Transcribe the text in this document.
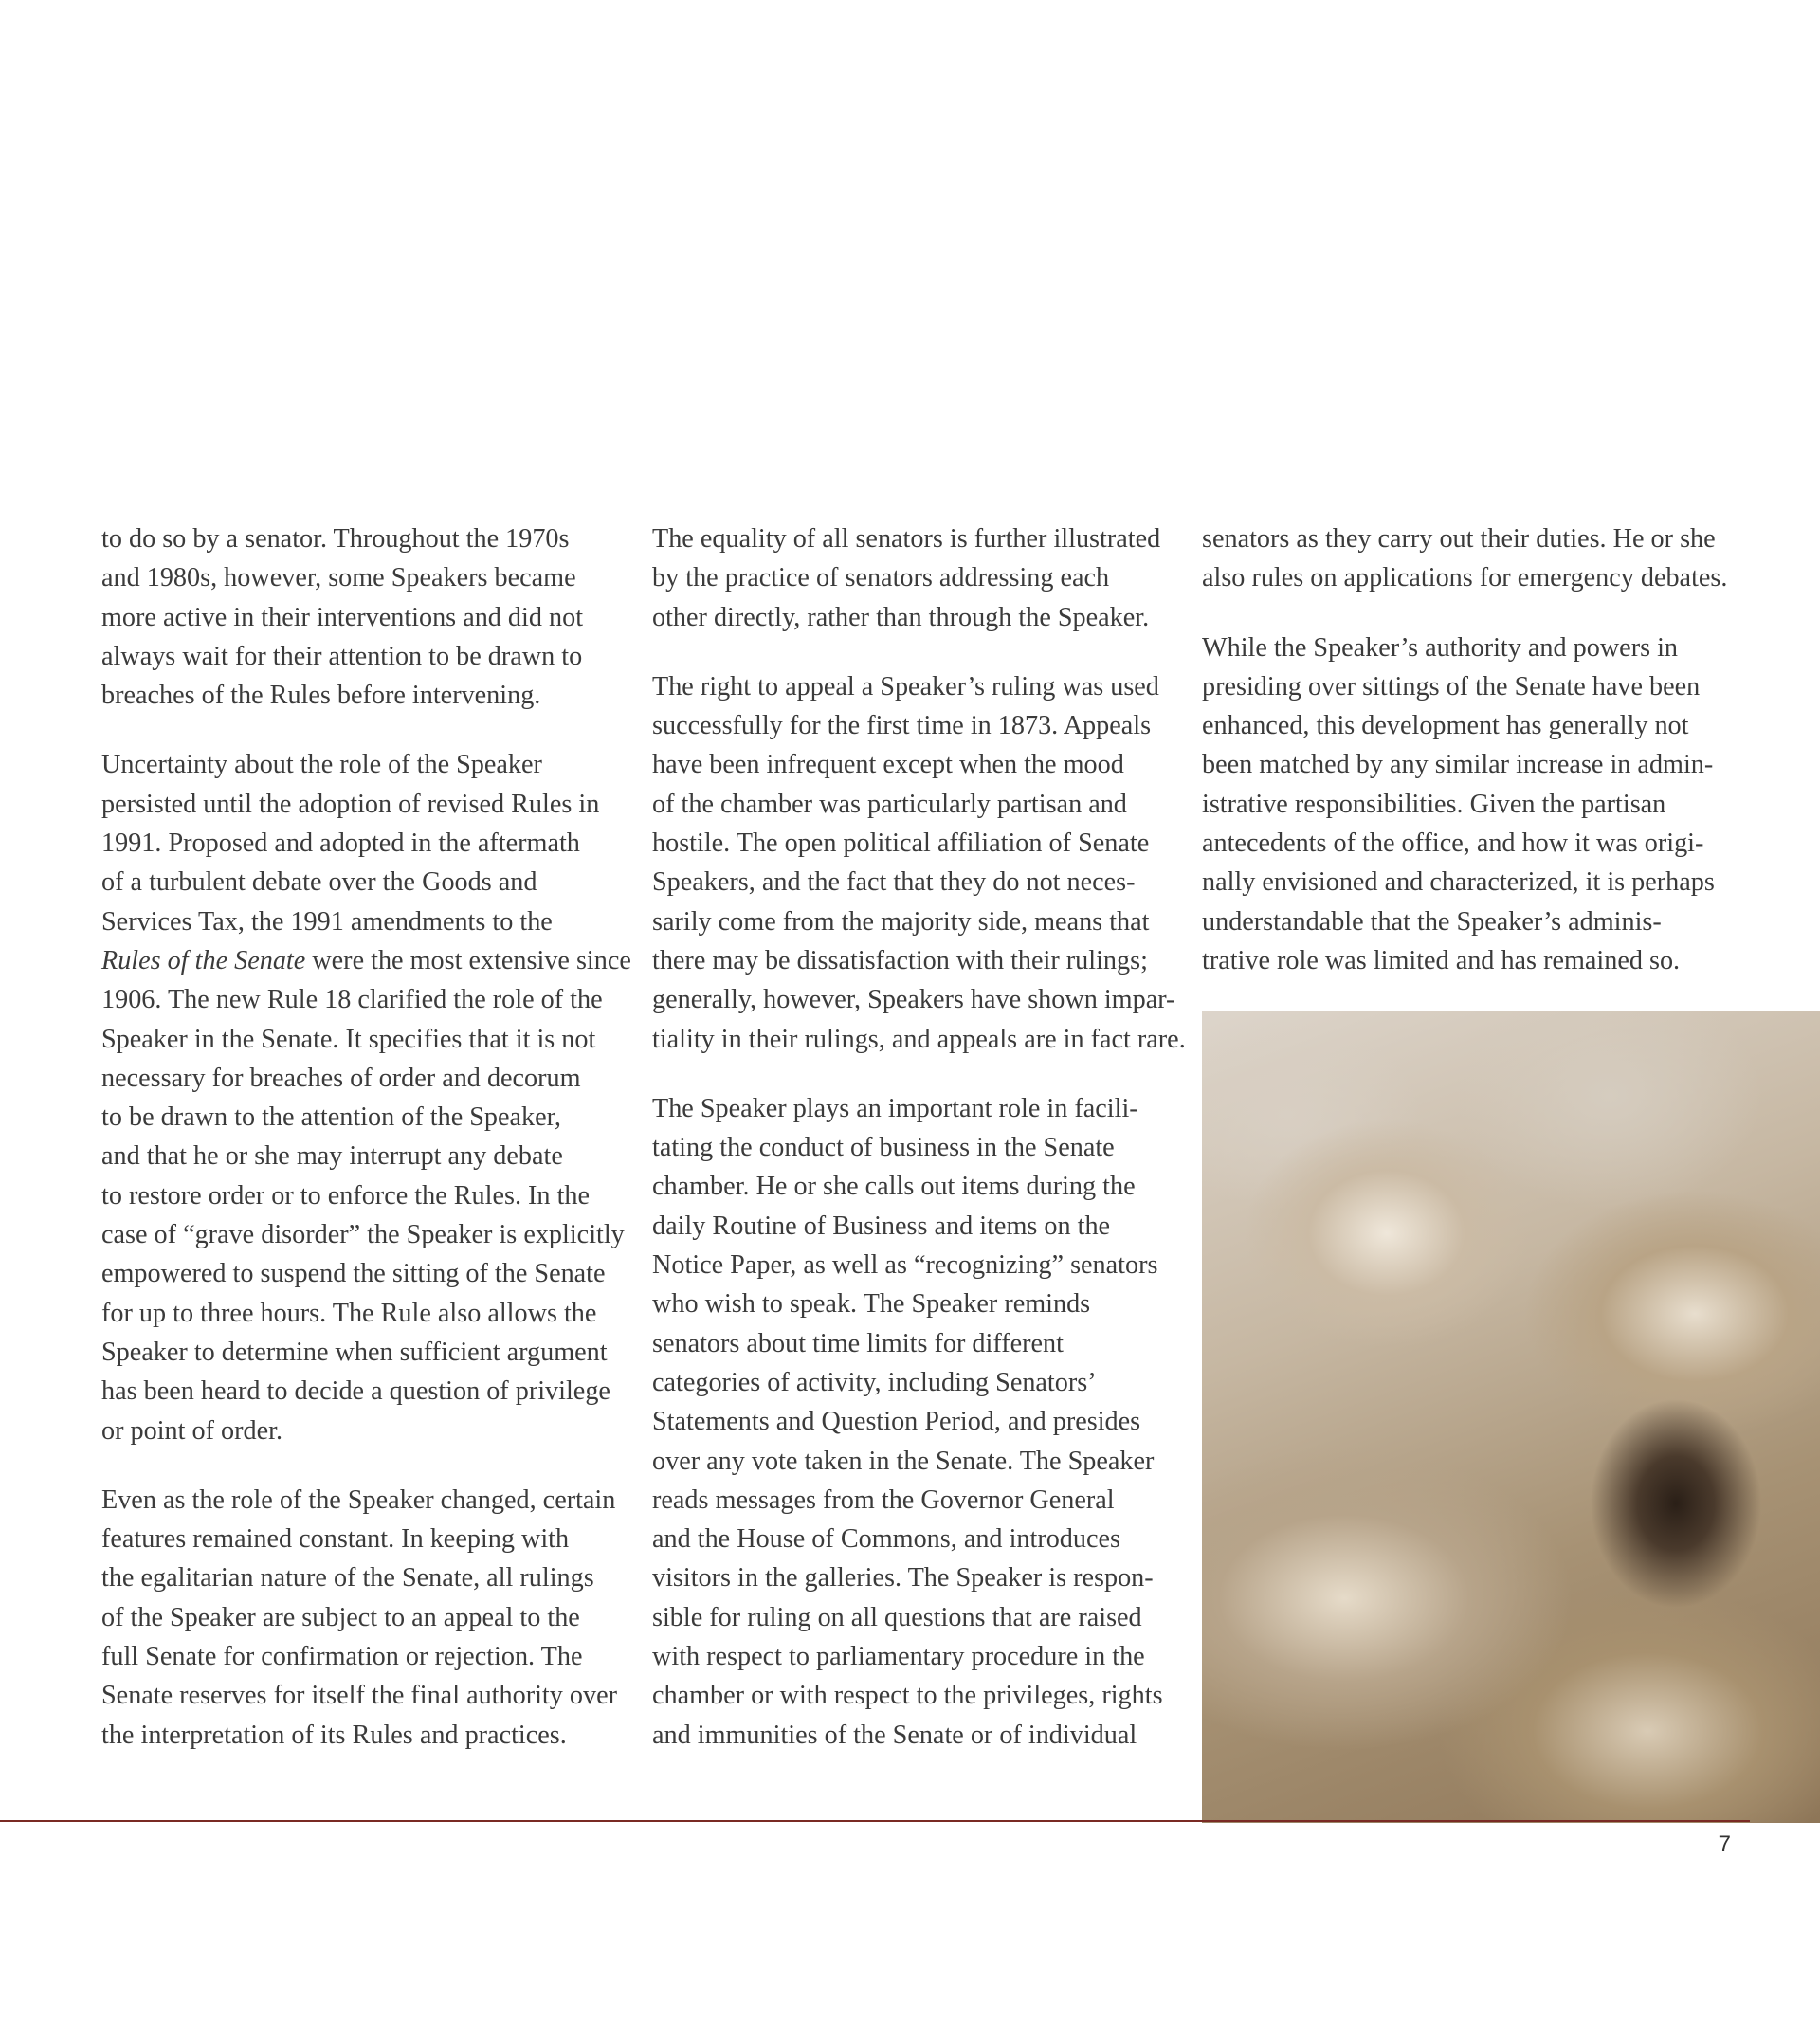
to do so by a senator. Throughout the 1970s
and 1980s, however, some Speakers became
more active in their interventions and did not
always wait for their attention to be drawn to
breaches of the Rules before intervening.

Uncertainty about the role of the Speaker
persisted until the adoption of revised Rules in
1991. Proposed and adopted in the aftermath
of a turbulent debate over the Goods and
Services Tax, the 1991 amendments to the
Rules of the Senate were the most extensive since
1906. The new Rule 18 clarified the role of the
Speaker in the Senate. It specifies that it is not
necessary for breaches of order and decorum
to be drawn to the attention of the Speaker,
and that he or she may interrupt any debate
to restore order or to enforce the Rules. In the
case of “grave disorder” the Speaker is explicitly
empowered to suspend the sitting of the Senate
for up to three hours. The Rule also allows the
Speaker to determine when sufficient argument
has been heard to decide a question of privilege
or point of order.

Even as the role of the Speaker changed, certain
features remained constant. In keeping with
the egalitarian nature of the Senate, all rulings
of the Speaker are subject to an appeal to the
full Senate for confirmation or rejection. The
Senate reserves for itself the final authority over
the interpretation of its Rules and practices.

The equality of all senators is further illustrated
by the practice of senators addressing each
other directly, rather than through the Speaker.

The right to appeal a Speaker’s ruling was used
successfully for the first time in 1873. Appeals
have been infrequent except when the mood
of the chamber was particularly partisan and
hostile. The open political affiliation of Senate
Speakers, and the fact that they do not neces-
sarily come from the majority side, means that
there may be dissatisfaction with their rulings;
generally, however, Speakers have shown impar-
tiality in their rulings, and appeals are in fact rare.

The Speaker plays an important role in facili-
tating the conduct of business in the Senate
chamber. He or she calls out items during the
daily Routine of Business and items on the
Notice Paper, as well as “recognizing” senators
who wish to speak. The Speaker reminds
senators about time limits for different
categories of activity, including Senators’
Statements and Question Period, and presides
over any vote taken in the Senate. The Speaker
reads messages from the Governor General
and the House of Commons, and introduces
visitors in the galleries. The Speaker is respon-
sible for ruling on all questions that are raised
with respect to parliamentary procedure in the
chamber or with respect to the privileges, rights
and immunities of the Senate or of individual

senators as they carry out their duties. He or she
also rules on applications for emergency debates.

While the Speaker’s authority and powers in
presiding over sittings of the Senate have been
enhanced, this development has generally not
been matched by any similar increase in admin-
istrative responsibilities. Given the partisan
antecedents of the office, and how it was origi-
nally envisioned and characterized, it is perhaps
understandable that the Speaker’s adminis-
trative role was limited and has remained so.

7
